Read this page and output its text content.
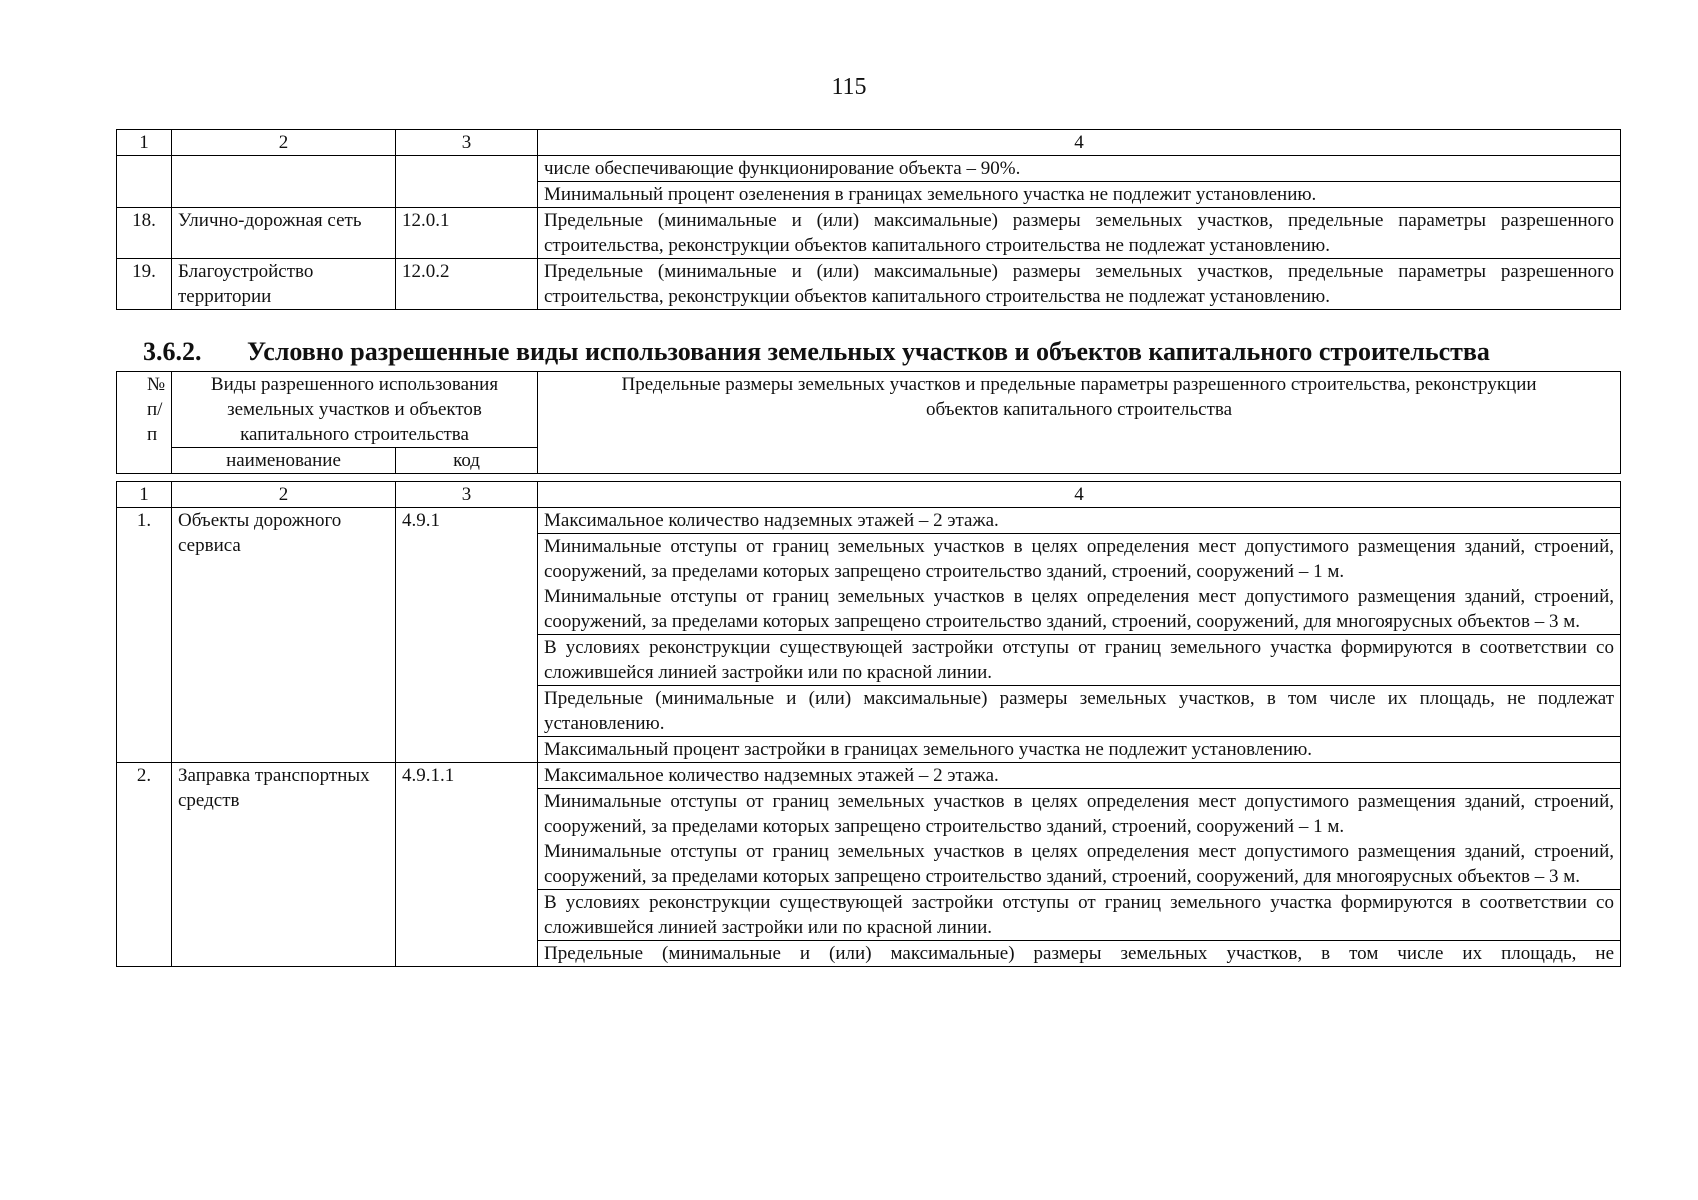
115
1	2	3	4
			числе обеспечивающие функционирование объекта – 90%.
			Минимальный процент озеленения в границах земельного участка не подлежит установлению.
18.	Улично-дорожная сеть	12.0.1	Предельные (минимальные и (или) максимальные) размеры земельных участков, предельные параметры разрешенного строительства, реконструкции объектов капитального строительства не подлежат установлению.
19.	Благоустройство территории	12.0.2	Предельные (минимальные и (или) максимальные) размеры земельных участков, предельные параметры разрешенного строительства, реконструкции объектов капитального строительства не подлежат установлению.
3.6.2. Условно разрешенные виды использования земельных участков и объектов капитального строительства
№ п/п	Виды разрешенного использования земельных участков и объектов капитального строительства		Предельные размеры земельных участков и предельные параметры разрешенного строительства, реконструкции объектов капитального строительства
	наименование	код	
1	2	3	4
1.	Объекты дорожного сервиса	4.9.1	Максимальное количество надземных этажей – 2 этажа.

			Минимальные отступы от границ земельных участков в целях определения мест допустимого размещения зданий, строений, сооружений, за пределами которых запрещено строительство зданий, строений, сооружений – 1 м.
Минимальные отступы от границ земельных участков в целях определения мест допустимого размещения зданий, строений, сооружений, за пределами которых запрещено строительство зданий, строений, сооружений, для многоярусных объектов – 3 м.

			В условиях реконструкции существующей застройки отступы от границ земельного участка формируются в соответствии со сложившейся линией застройки или по красной линии.
			Предельные (минимальные и (или) максимальные) размеры земельных участков, в том числе их площадь, не подлежат установлению.
			Максимальный процент застройки в границах земельного участка не подлежит установлению.
2.	Заправка транспортных средств	4.9.1.1	Максимальное количество надземных этажей – 2 этажа.

			Минимальные отступы от границ земельных участков в целях определения мест допустимого размещения зданий, строений, сооружений, за пределами которых запрещено строительство зданий, строений, сооружений – 1 м.
Минимальные отступы от границ земельных участков в целях определения мест допустимого размещения зданий, строений, сооружений, за пределами которых запрещено строительство зданий, строений, сооружений, для многоярусных объектов – 3 м.

			В условиях реконструкции существующей застройки отступы от границ земельного участка формируются в соответствии со сложившейся линией застройки или по красной линии.
			Предельные (минимальные и (или) максимальные) размеры земельных участков, в том числе их площадь, не
